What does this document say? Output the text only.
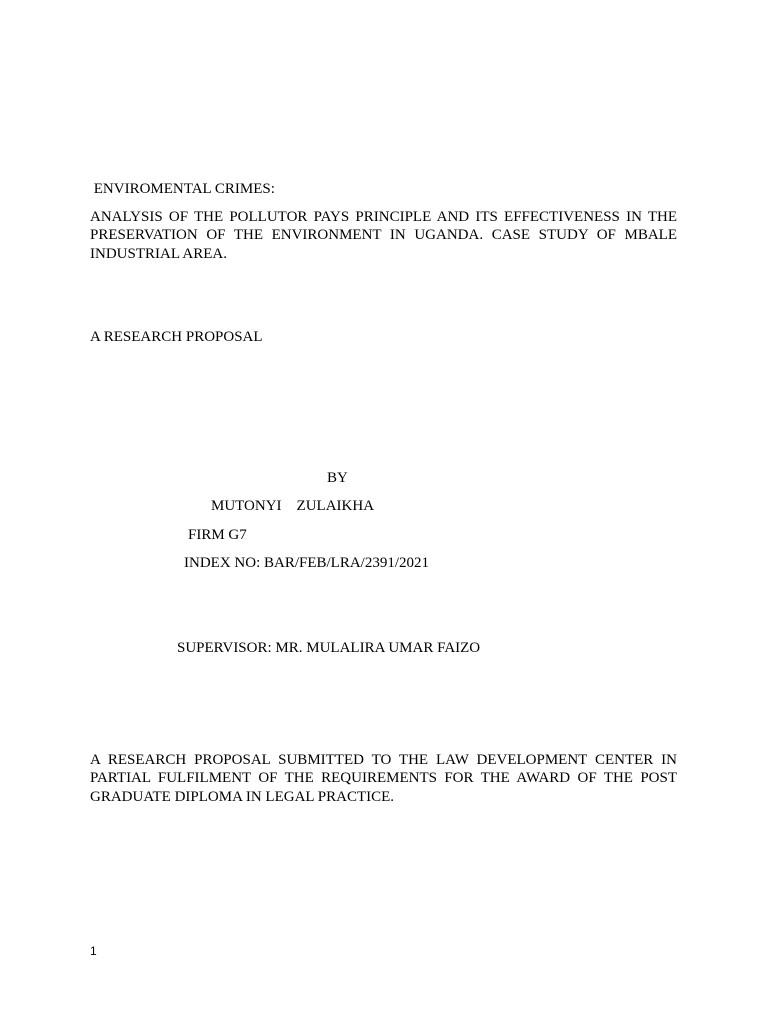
ENVIROMENTAL CRIMES:
ANALYSIS OF THE POLLUTOR PAYS PRINCIPLE AND ITS EFFECTIVENESS IN THE PRESERVATION OF THE ENVIRONMENT IN UGANDA. CASE STUDY OF MBALE INDUSTRIAL AREA.
A RESEARCH PROPOSAL
BY
MUTONYI    ZULAIKHA
FIRM G7
INDEX NO: BAR/FEB/LRA/2391/2021
SUPERVISOR: MR. MULALIRA UMAR FAIZO
A RESEARCH PROPOSAL SUBMITTED TO THE LAW DEVELOPMENT CENTER IN PARTIAL FULFILMENT OF THE REQUIREMENTS FOR THE AWARD OF THE POST GRADUATE DIPLOMA IN LEGAL PRACTICE.
1
